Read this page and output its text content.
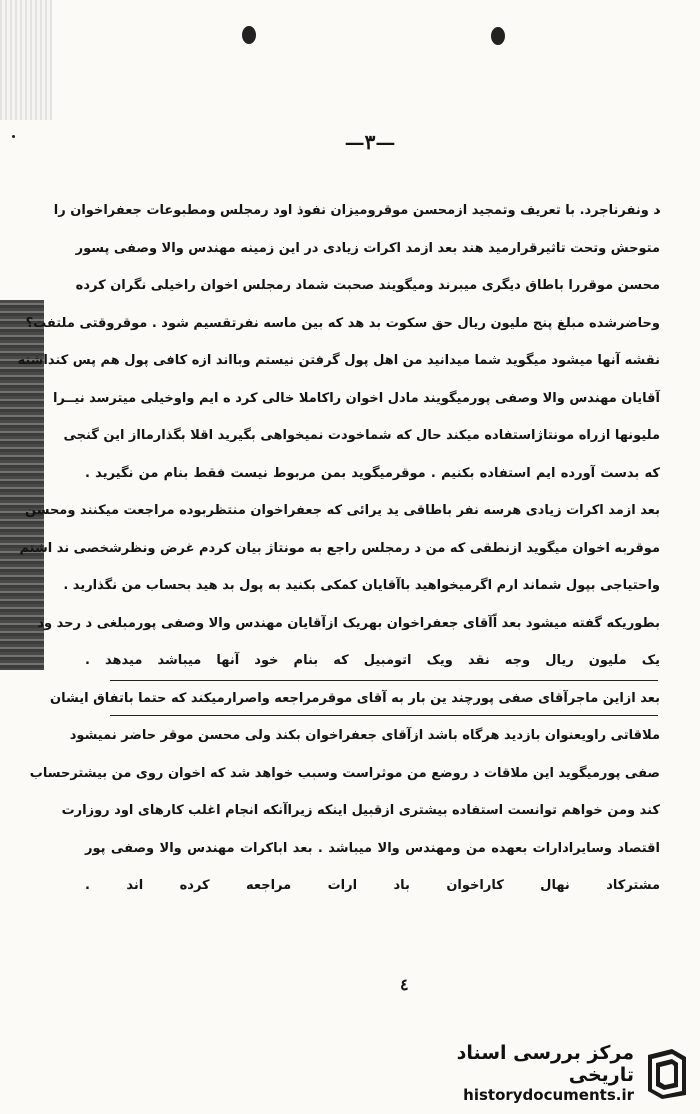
—٣—
د ونفرناجرد. با تعریف وتمجید ازمحسن موقرومیزان نفوذ اود رمجلس ومطبوعات جعفراخوان را
متوحش وتحت تاثیرقرارمید هند بعد ازمد اکرات زیادی در این زمینه مهندس والا وصفی پسور
محسن موقررا باطاق دیگری میبرند ومیگویند صحبت شماد رمجلس اخوان راخیلی نگران کرده
وحاضرشده مبلغ پنج ملیون ریال حق سکوت بد هد که بین ماسه نفرتقسیم شود . موقروقتی ملتفت؟
نقشه آنها میشود میگوید شما میدانید من اهل پول گرفتن نیستم وبااند ازه کافی پول هم پس کنداشته
آقایان مهندس والا وصفی پورمیگویند مادل اخوان راکاملا خالی کرد ه ایم واوخیلی میترسد نیــرا
ملیونها ازراه مونتاژاستفاده میکند حال که شماخودت نمیخواهی بگیرید اقلا بگذارمااز این گنجی
که بدست آورده ایم استفاده بکنیم . موقرمیگوید بمن مربوط نیست فقط بنام من نگیرید .
بعد ازمد اکرات زیادی هرسه نفر باطاقی ید یرائی که جعفراخوان منتظربوده مراجعت میکنند ومحسن
موقربه اخوان میگوید ازنطقی که من د رمجلس راجع به مونتاژ بیان کردم غرض ونظرشخصی ند اشتم
واحتیاجی بپول شماند ارم اگرمیخواهید باآقایان کمکی بکنید به پول بد هید بحساب من نگذارید .
بطوریکه گفته میشود بعد اًآقای جعفراخوان بهریک ازآقایان مهندس والا وصفی پورمبلغی د رحد ود
یک ملیون ریال وجه نقد ویک اتومبیل که بنام خود آنها میباشد میدهد .
بعد ازاین ماجرآقای صفی پورچند ین بار به آقای موقرمراجعه واصرارمیکند که حتما باتفاق ایشان
ملاقاتی راویعنوان بازدید هرگاه باشد ازآقای جعفراخوان بکند ولی محسن موقر حاضر نمیشود
صفی پورمیگوید این ملاقات د روضع من موثراست وسبب خواهد شد که اخوان روی من بیشترحساب
کند ومن خواهم توانست استفاده بیشتری ازقبیل اینکه زیراآنکه انجام اغلب کارهای اود روزارت
اقتصاد وسایرادارات بعهده من ومهندس والا میباشد . بعد اباکرات مهندس والا وصفی پور
مشترکاد نهال کاراخوان باد ارات مراجعه کرده اند .
٤
مرکز بررسی اسناد تاریخی
historydocuments.ir
